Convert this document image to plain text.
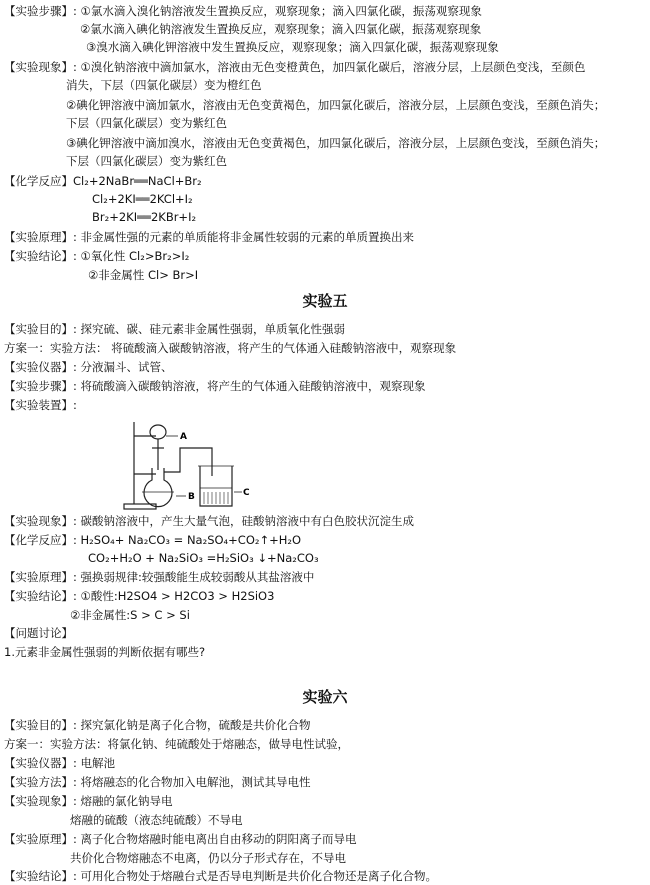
【实验步骤】: ①氯水滴入溴化钠溶液发生置换反应，观察现象；滴入四氯化碳，振荡观察现象
②氯水滴入碘化钠溶液发生置换反应，观察现象；滴入四氯化碳，振荡观察现象
③溴水滴入碘化钾溶液中发生置换反应，观察现象；滴入四氯化碳，振荡观察现象
【实验现象】: ①溴化钠溶液中滴加氯水，溶液由无色变橙黄色，加四氯化碳后，溶液分层，上层颜色变浅，至颜色
消失，下层（四氯化碳层）变为橙红色
②碘化钾溶液中滴加氯水，溶液由无色变黄褐色，加四氯化碳后，溶液分层，上层颜色变浅，至颜色消失；
下层（四氯化碳层）变为紫红色
③碘化钾溶液中滴加溴水，溶液由无色变黄褐色，加四氯化碳后，溶液分层，上层颜色变浅，至颜色消失；
下层（四氯化碳层）变为紫红色
【化学反应】Cl₂+2NaBr══NaCl+Br₂
Cl₂+2KI══2KCl+I₂
Br₂+2KI══2KBr+I₂
【实验原理】: 非金属性强的元素的单质能将非金属性较弱的元素的单质置换出来
【实验结论】: ①氧化性 Cl₂>Br₂>I₂
②非金属性 Cl> Br>I
【实验目的】: 探究硫、碳、硅元素非金属性强弱，单质氧化性强弱
方案一：实验方法： 将硫酸滴入碳酸钠溶液，将产生的气体通入硅酸钠溶液中，观察现象
【实验仪器】: 分液漏斗、试管、
【实验步骤】: 将硫酸滴入碳酸钠溶液，将产生的气体通入硅酸钠溶液中，观察现象
【实验装置】:
【实验现象】: 碳酸钠溶液中，产生大量气泡，硅酸钠溶液中有白色胶状沉淀生成
【化学反应】: H₂SO₄+ Na₂CO₃ = Na₂SO₄+CO₂↑+H₂O
CO₂+H₂O + Na₂SiO₃ =H₂SiO₃ ↓+Na₂CO₃
【实验原理】: 强换弱规律:较强酸能生成较弱酸从其盐溶液中
【实验结论】: ①酸性:H2SO4 > H2CO3 > H2SiO3
②非金属性:S > C > Si
【问题讨论】
1.元素非金属性强弱的判断依据有哪些?
【实验目的】: 探究氯化钠是离子化合物，硫酸是共价化合物
方案一：实验方法：将氯化钠、纯硫酸处于熔融态，做导电性试验，
【实验仪器】: 电解池
【实验方法】: 将熔融态的化合物加入电解池，测试其导电性
【实验现象】: 熔融的氯化钠导电
熔融的硫酸（液态纯硫酸）不导电
【实验原理】: 离子化合物熔融时能电离出自由移动的阴阳离子而导电
共价化合物熔融态不电离，仍以分子形式存在，不导电
【实验结论】: 可用化合物处于熔融台式是否导电判断是共价化合物还是离子化合物。
实验五
实验六
A
B	C
